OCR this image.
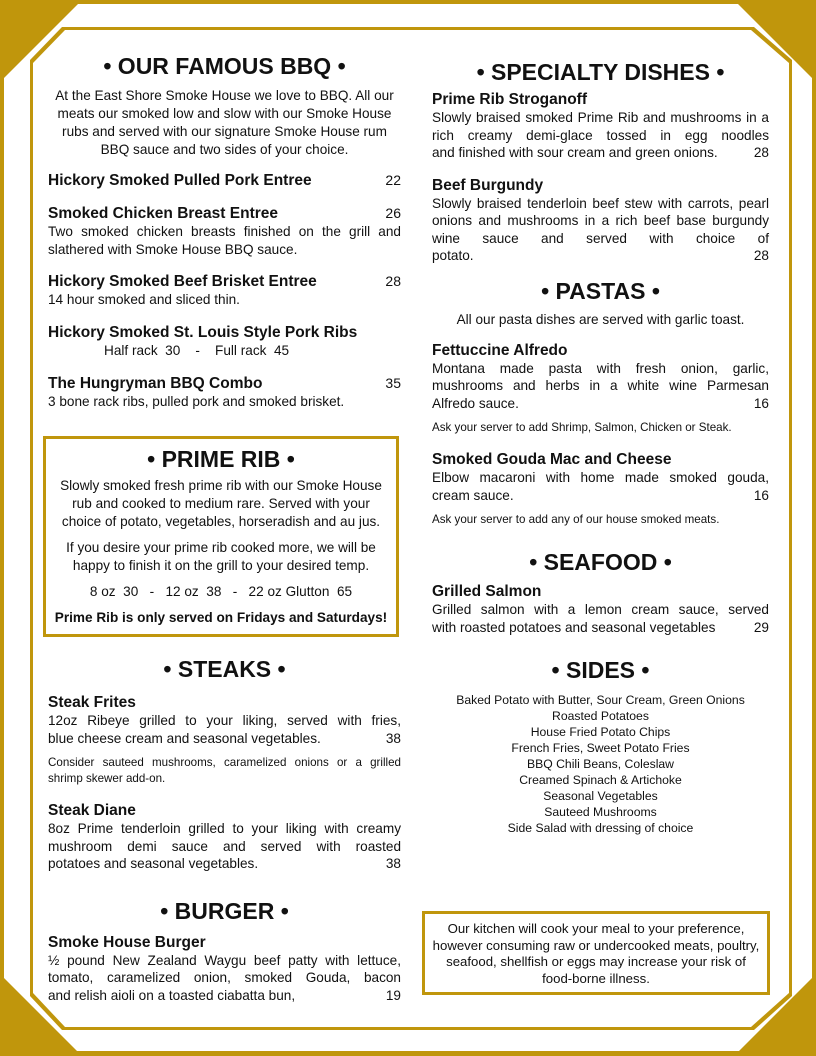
• OUR FAMOUS BBQ •

At the East Shore Smoke House we love to BBQ. All our meats our smoked low and slow with our Smoke House rubs and served with our signature Smoke House rum BBQ sauce and two sides of your choice.

Hickory Smoked Pulled Pork Entree	22
Smoked Chicken Breast Entree	26
Two smoked chicken breasts finished on the grill and slathered with Smoke House BBQ sauce.
Hickory Smoked Beef Brisket Entree	28
14 hour smoked and sliced thin.
Hickory Smoked St. Louis Style Pork Ribs
Half rack  30    -    Full rack  45
The Hungryman BBQ Combo	35
3 bone rack ribs, pulled pork and smoked brisket.
• PRIME RIB •

Slowly smoked fresh prime rib with our Smoke House rub and cooked to medium rare. Served with your choice of potato, vegetables, horseradish and au jus.

If you desire your prime rib cooked more, we will be happy to finish it on the grill to your desired temp.

8 oz  30   -   12 oz  38   -   22 oz Glutton  65

Prime Rib is only served on Fridays and Saturdays!

• STEAKS •
Steak Frites
12oz Ribeye grilled to your liking, served with fries,
blue cheese cream and seasonal vegetables.	38
Consider sauteed mushrooms, caramelized onions or a grilled shrimp skewer add-on.
Steak Diane
8oz Prime tenderloin grilled to your liking with creamy mushroom demi sauce and served with roasted
potatoes and seasonal vegetables.	38
• BURGER •
Smoke House Burger
½ pound New Zealand Waygu beef patty with lettuce, tomato, caramelized onion, smoked Gouda, bacon
and relish aioli on a toasted ciabatta bun,	19
• SPECIALTY DISHES •
Prime Rib Stroganoff
Slowly braised smoked Prime Rib and mushrooms in a rich creamy demi-glace tossed in egg noodles
and finished with sour cream and green onions.	28
Beef Burgundy
Slowly braised tenderloin beef stew with carrots, pearl onions and mushrooms in a rich beef base burgundy wine sauce and served with choice of
potato.	28
• PASTAS •

All our pasta dishes are served with garlic toast.

Fettuccine Alfredo
Montana made pasta with fresh onion, garlic, mushrooms and herbs in a white wine Parmesan
Alfredo sauce.	16
Ask your server to add Shrimp, Salmon, Chicken or Steak.
Smoked Gouda Mac and Cheese
Elbow macaroni with home made smoked gouda,
cream sauce.	16
Ask your server to add any of our house smoked meats.
• SEAFOOD •
Grilled Salmon
Grilled salmon with a lemon cream sauce, served
with roasted potatoes and seasonal vegetables	29
• SIDES •
Baked Potato with Butter, Sour Cream, Green Onions
Roasted Potatoes
House Fried Potato Chips
French Fries, Sweet Potato Fries
BBQ Chili Beans, Coleslaw
Creamed Spinach & Artichoke
Seasonal Vegetables
Sauteed Mushrooms
Side Salad with dressing of choice
Our kitchen will cook your meal to your preference, however consuming raw or undercooked meats, poultry, seafood, shellfish or eggs may increase your risk of food-borne illness.
